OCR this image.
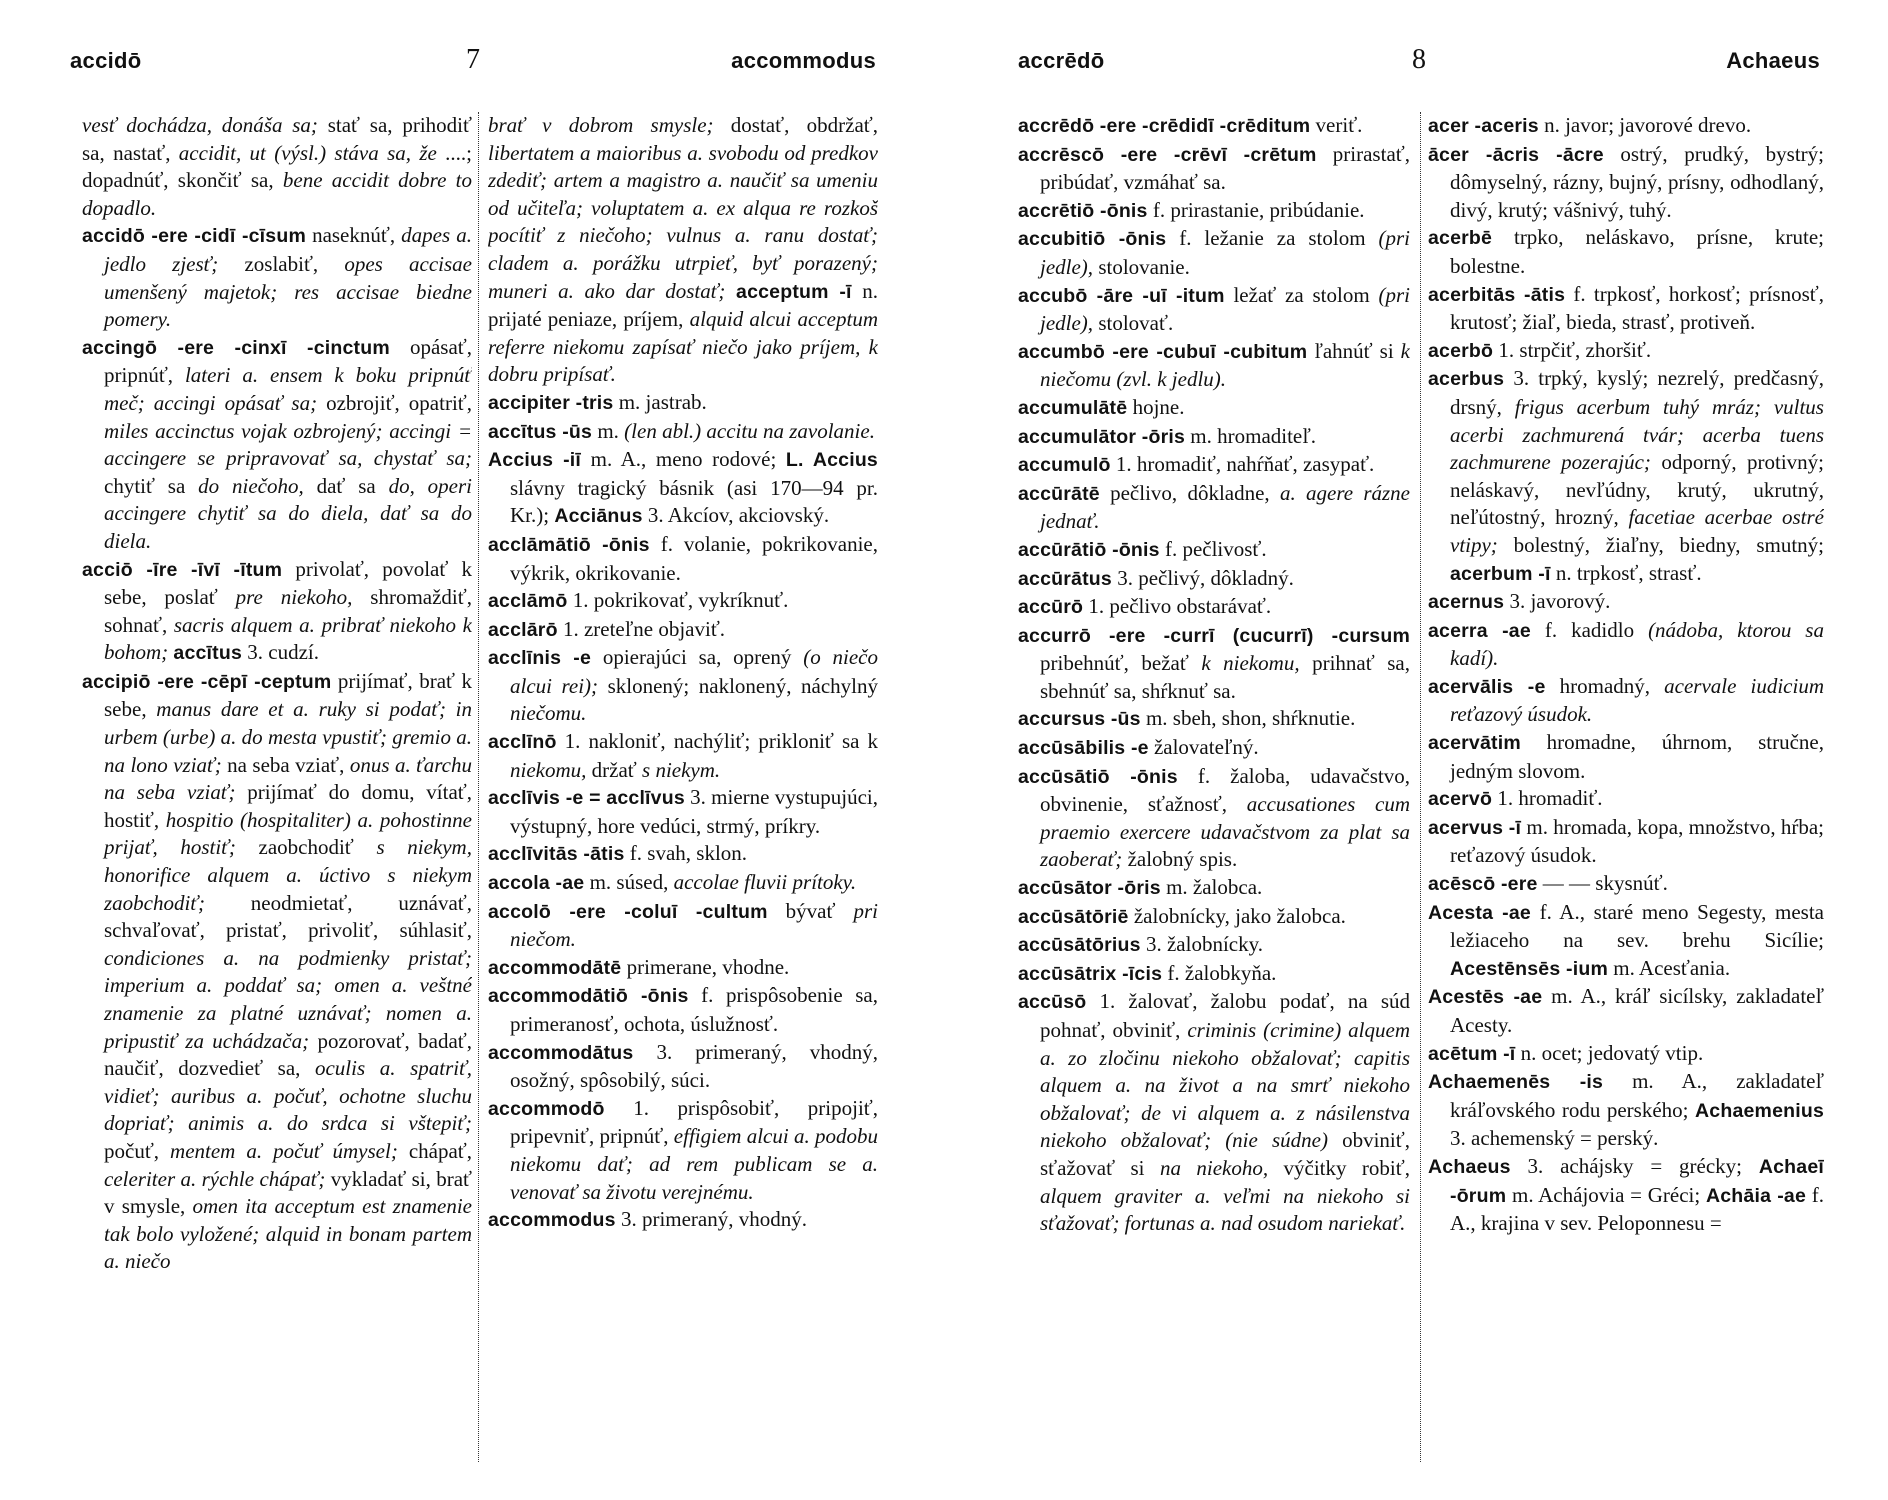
accidō	7	accommodus
vesť dochádza, donáša sa; stať sa, prihodiť sa, nastať, accidit, ut (výsl.) stáva sa, že ....; dopadnúť, skončiť sa, bene accidit dobre to dopadlo.
accidō -ere -cidī -cīsum naseknúť, dapes a. jedlo zjesť; zoslabiť, opes accisae umenšený majetok; res accisae biedne pomery.
accingō -ere -cinxī -cinctum opásať, pripnúť, lateri a. ensem k boku pripnúť meč; accingi opásať sa; ozbrojiť, opatriť, miles accinctus vojak ozbrojený; accingi = accingere se pripravovať sa, chystať sa; chytiť sa do niečoho, dať sa do, operi accingere chytiť sa do diela, dať sa do diela.
acciō -īre -īvī -ītum privolať, povolať k sebe, poslať pre niekoho, shromaždiť, sohnať, sacris alquem a. pribrať niekoho k bohom; accītus 3. cudzí.
accipiō -ere -cēpī -ceptum prijímať, brať k sebe, manus dare et a. ruky si podať; in urbem (urbe) a. do mesta vpustiť; gremio a. na lono vziať; na seba vziať, onus a. ťarchu na seba vziať; prijímať do domu, vítať, hostiť, hospitio (hospitaliter) a. pohostinne prijať, hostiť; zaobchodiť s niekym, honorifice alquem a. úctivo s niekym zaobchodiť; neodmietať, uznávať, schvaľovať, pristať, privoliť, súhlasiť, condiciones a. na podmienky pristať; imperium a. poddať sa; omen a. veštné znamenie za platné uznávať; nomen a. pripustiť za uchádzača; pozorovať, badať, naučiť, dozvedieť sa, oculis a. spatriť, vidieť; auribus a. počuť, ochotne sluchu dopriať; animis a. do srdca si vštepiť; počuť, mentem a. počuť úmysel; chápať, celeriter a. rýchle chápať; vykladať si, brať v smysle, omen ita acceptum est znamenie tak bolo vyložené; alquid in bonam partem a. niečo
brať v dobrom smysle; dostať, obdržať, libertatem a maioribus a. svobodu od predkov zdediť; artem a magistro a. naučiť sa umeniu od učiteľa; voluptatem a. ex alqua re rozkoš pocítiť z niečoho; vulnus a. ranu dostať; cladem a. porážku utrpieť, byť porazený; muneri a. ako dar dostať; acceptum -ī n. prijaté peniaze, príjem, alquid alcui acceptum referre niekomu zapísať niečo jako príjem, k dobru pripísať.
accipiter -tris m. jastrab.
accītus -ūs m. (len abl.) accitu na zavolanie.
Accius -iī m. A., meno rodové; L. Accius slávny tragický básnik (asi 170—94 pr. Kr.); Acciānus 3. Akcíov, akciovský.
acclāmātiō -ōnis f. volanie, pokrikovanie, výkrik, okrikovanie.
acclāmō 1. pokrikovať, vykríknuť.
acclārō 1. zreteľne objaviť.
acclīnis -e opierajúci sa, oprený (o niečo alcui rei); sklonený; naklonený, náchylný niečomu.
acclīnō 1. nakloniť, nachýliť; prikloniť sa k niekomu, držať s niekym.
acclīvis -e = acclīvus 3. mierne vystupujúci, výstupný, hore vedúci, strmý, príkry.
acclīvitās -ātis f. svah, sklon.
accola -ae m. súsed, accolae fluvii prítoky.
accolō -ere -coluī -cultum bývať pri niečom.
accommodātē primerane, vhodne.
accommodātiō -ōnis f. prispôsobenie sa, primeranosť, ochota, úslužnosť.
accommodātus 3. primeraný, vhodný, osožný, spôsobilý, súci.
accommodō 1. prispôsobiť, pripojiť, pripevniť, pripnúť, effigiem alcui a. podobu niekomu dať; ad rem publicam se a. venovať sa životu verejnému.
accommodus 3. primeraný, vhodný.
accrēdō	8	Achaeus
accrēdō -ere -crēdidī -crēditum veriť.
accrēscō -ere -crēvī -crētum prirastať, pribúdať, vzmáhať sa.
accrētiō -ōnis f. prirastanie, pribúdanie.
accubitiō -ōnis f. ležanie za stolom (pri jedle), stolovanie.
accubō -āre -uī -itum ležať za stolom (pri jedle), stolovať.
accumbō -ere -cubuī -cubitum ľahnúť si k niečomu (zvl. k jedlu).
accumulātē hojne.
accumulātor -ōris m. hromaditeľ.
accumulō 1. hromadiť, nahŕňať, zasypať.
accūrātē pečlivo, dôkladne, a. agere rázne jednať.
accūrātiō -ōnis f. pečlivosť.
accūrātus 3. pečlivý, dôkladný.
accūrō 1. pečlivo obstarávať.
accurrō -ere -currī (cucurrī) -cursum pribehnúť, bežať k niekomu, prihnať sa, sbehnúť sa, shŕknuť sa.
accursus -ūs m. sbeh, shon, shŕknutie.
accūsābilis -e žalovateľný.
accūsātiō -ōnis f. žaloba, udavačstvo, obvinenie, sťažnosť, accusationes cum praemio exercere udavačstvom za plat sa zaoberať; žalobný spis.
accūsātor -ōris m. žalobca.
accūsātōriē žalobnícky, jako žalobca.
accūsātōrius 3. žalobnícky.
accūsātrix -īcis f. žalobkyňa.
accūsō 1. žalovať, žalobu podať, na súd pohnať, obviniť, criminis (crimine) alquem a. zo zločinu niekoho obžalovať; capitis alquem a. na život a na smrť niekoho obžalovať; de vi alquem a. z násilenstva niekoho obžalovať; (nie súdne) obviniť, sťažovať si na niekoho, výčitky robiť, alquem graviter a. veľmi na niekoho si sťažovať; fortunas a. nad osudom nariekať.
acer -aceris n. javor; javorové drevo.
ācer -ācris -ācre ostrý, prudký, bystrý; dômyselný, rázny, bujný, prísny, odhodlaný, divý, krutý; vášnivý, tuhý.
acerbē trpko, neláskavo, prísne, krute; bolestne.
acerbitās -ātis f. trpkosť, horkosť; prísnosť, krutosť; žiaľ, bieda, strasť, protiveň.
acerbō 1. strpčiť, zhoršiť.
acerbus 3. trpký, kyslý; nezrelý, predčasný, drsný, frigus acerbum tuhý mráz; vultus acerbi zachmurená tvár; acerba tuens zachmurene pozerajúc; odporný, protivný; neláskavý, nevľúdny, krutý, ukrutný, neľútostný, hrozný, facetiae acerbae ostré vtipy; bolestný, žiaľny, biedny, smutný; acerbum -ī n. trpkosť, strasť.
acernus 3. javorový.
acerra -ae f. kadidlo (nádoba, ktorou sa kadí).
acervālis -e hromadný, acervale iudicium reťazový úsudok.
acervātim hromadne, úhrnom, stručne, jedným slovom.
acervō 1. hromadiť.
acervus -ī m. hromada, kopa, množstvo, hŕba; reťazový úsudok.
acēscō -ere — — skysnúť.
Acesta -ae f. A., staré meno Segesty, mesta ležiaceho na sev. brehu Sicílie; Acestēnsēs -ium m. Acesťania.
Acestēs -ae m. A., kráľ sicílsky, zakladateľ Acesty.
acētum -ī n. ocet; jedovatý vtip.
Achaemenēs -is m. A., zakladateľ kráľovského rodu perského; Achaemenius 3. achemenský = perský.
Achaeus 3. achájsky = grécky; Achaeī -ōrum m. Achájovia = Gréci; Achāia -ae f. A., krajina v sev. Peloponnesu =
